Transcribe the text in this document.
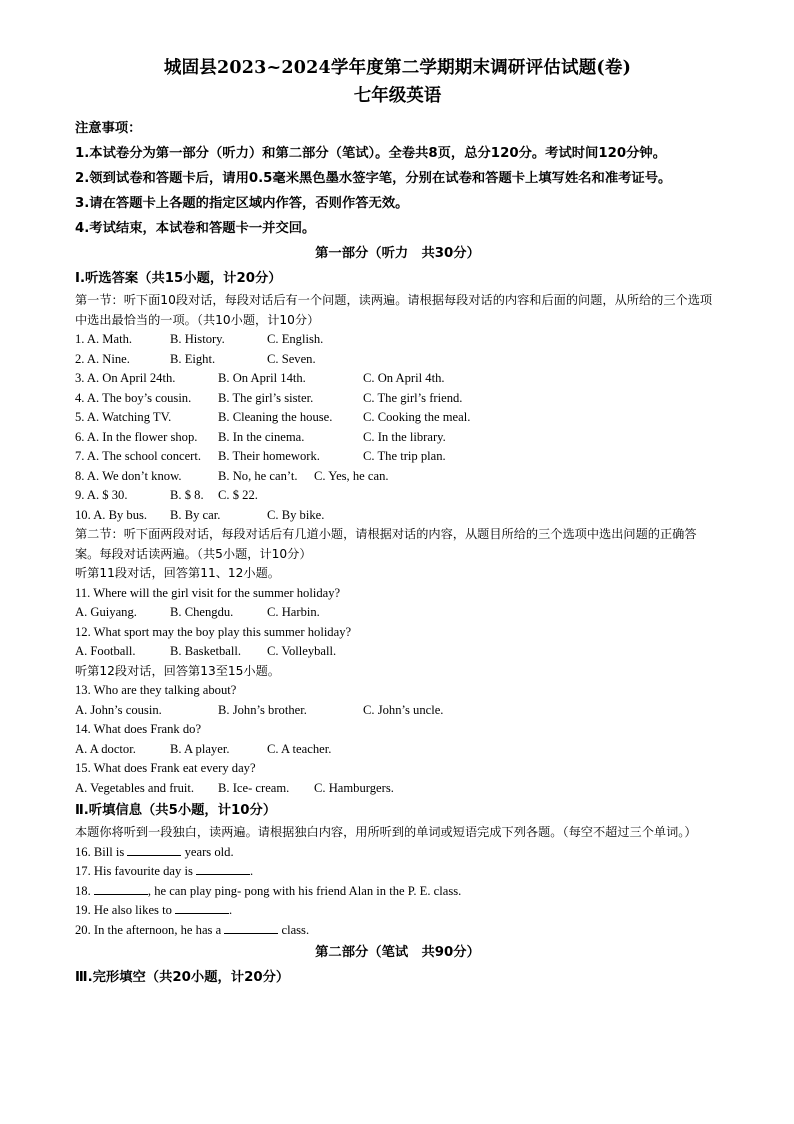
城固县2023~2024学年度第二学期期末调研评估试题(卷)
七年级英语
注意事项：
1.本试卷分为第一部分（听力）和第二部分（笔试）。全卷共8页，总分120分。考试时间120分钟。
2.领到试卷和答题卡后，请用0.5毫米黑色墨水签字笔，分别在试卷和答题卡上填写姓名和准考证号。
3.请在答题卡上各题的指定区域内作答，否则作答无效。
4.考试结束，本试卷和答题卡一并交回。
第一部分（听力　共30分）
Ⅰ.听选答案（共15小题，计20分）
第一节：听下面10段对话，每段对话后有一个问题，读两遍。请根据每段对话的内容和后面的问题，从所给的三个选项中选出最恰当的一项。（共10小题，计10分）
1. A. Math.	B. History.	C. English.
2. A. Nine.	B. Eight.	C. Seven.
3. A. On April 24th.	B. On April 14th.	C. On April 4th.
4. A. The boy’s cousin. B. The girl’s sister.	C. The girl’s friend.
5. A. Watching TV.	B. Cleaning the house. C. Cooking the meal.
6. A. In the flower shop. B. In the cinema.	C. In the library.
7. A. The school concert. B. Their homework.	C. The trip plan.
8. A. We don’t know.	B. No, he can’t. C. Yes, he can.
9. A. $ 30.	B. $ 8. C. $ 22.
10. A. By bus. B. By car.	C. By bike.
第二节：听下面两段对话，每段对话后有几道小题，请根据对话的内容，从题目所给的三个选项中选出问题的正确答案。每段对话读两遍。（共5小题，计10分）
听第11段对话，回答第11、12小题。
11. Where will the girl visit for the summer holiday?
A. Guiyang.	B. Chengdu.	C. Harbin.
12. What sport may the boy play this summer holiday?
A. Football.	B. Basketball. C. Volleyball.
听第12段对话，回答第13至15小题。
13. Who are they talking about?
A. John’s cousin.	B. John’s brother.	C. John’s uncle.
14. What does Frank do?
A. A doctor.	B. A player.	C. A teacher.
15. What does Frank eat every day?
A. Vegetables and fruit. B. Ice- cream. C. Hamburgers.
Ⅱ.听填信息（共5小题，计10分）
本题你将听到一段独白，读两遍。请根据独白内容，用所听到的单词或短语完成下列各题。（每空不超过三个单词。）
16. Bill is	years old.
17. His favourite day is	.
18.	, he can play ping- pong with his friend Alan in the P. E. class.
19. He also likes to	.
20. In the afternoon, he has a	class.
第二部分（笔试　共90分）
Ⅲ.完形填空（共20小题，计20分）
